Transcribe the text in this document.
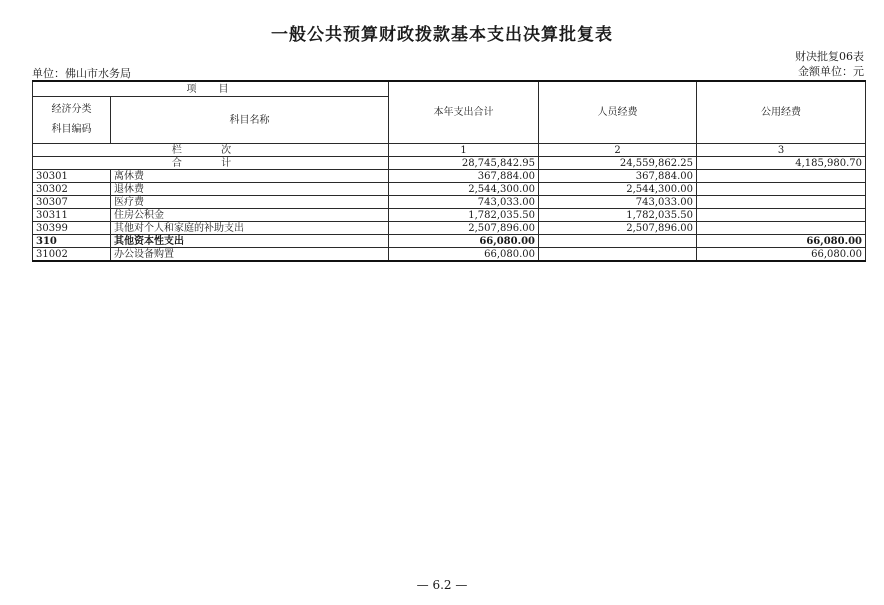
一般公共预算财政拨款基本支出决算批复表
财决批复06表
单位：佛山市水务局	金额单位：元
项　目		本年支出合计	人员经费	公用经费

经济分类
科目编码	科目名称			
栏 次		1	2	3
合 计		28,745,842.95	24,559,862.25	4,185,980.70
30301	离休费	367,884.00	367,884.00	
30302	退休费	2,544,300.00	2,544,300.00	
30307	医疗费	743,033.00	743,033.00	
30311	住房公积金	1,782,035.50	1,782,035.50	
30399	其他对个人和家庭的补助支出	2,507,896.00	2,507,896.00	
310	其他资本性支出	66,080.00		66,080.00
31002	办公设备购置	66,080.00		66,080.00
— 6.2 —
